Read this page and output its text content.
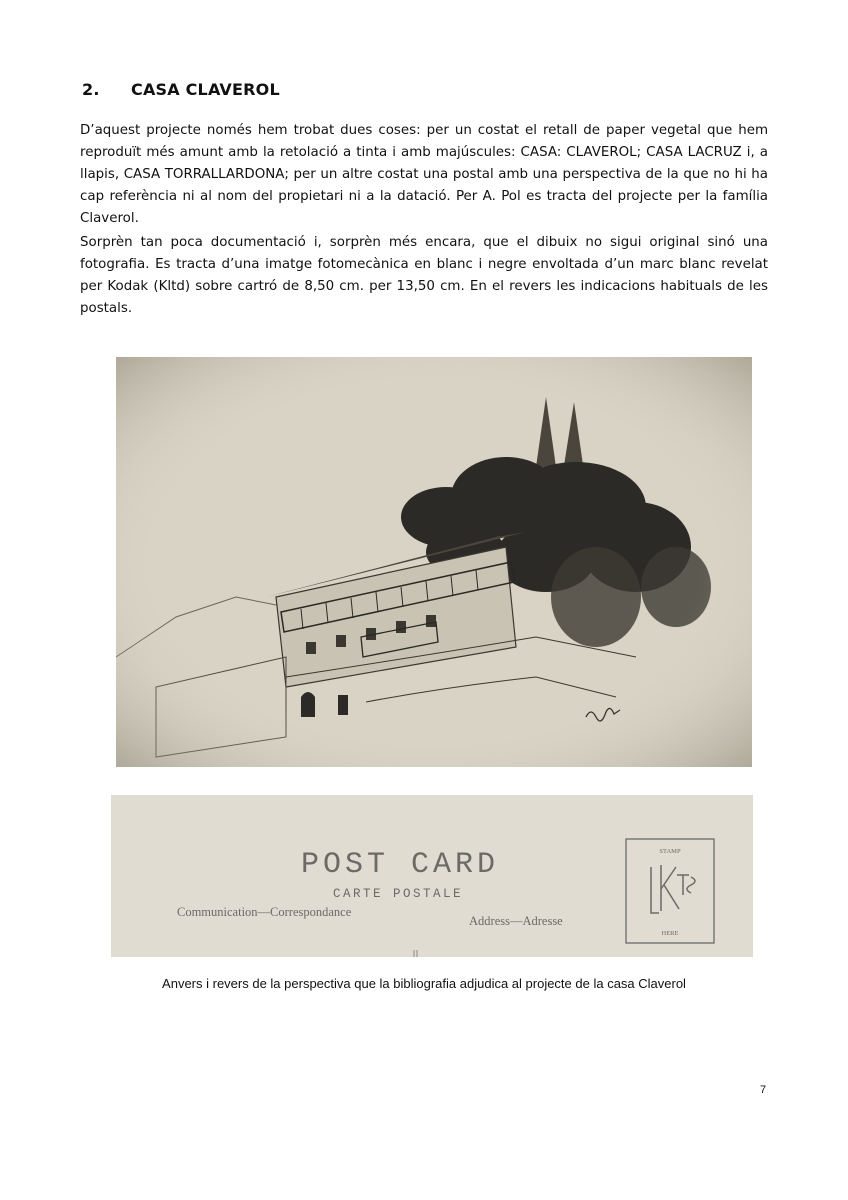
2. CASA CLAVEROL

D’aquest projecte només hem trobat dues coses: per un costat el retall de paper vegetal que hem reproduït més amunt amb la retolació a tinta i amb majúscules: CASA: CLAVEROL; CASA LACRUZ i, a llapis, CASA TORRALLARDONA; per un altre costat una postal amb una perspectiva de la que no hi ha cap referència ni al nom del propietari ni a la datació. Per A. Pol es tracta del projecte per la família Claverol.

Sorprèn tan poca documentació i, sorprèn més encara, que el dibuix no sigui original sinó una fotografia. Es tracta d’una imatge fotomecànica en blanc i negre envoltada d’un marc blanc revelat per Kodak (Kltd) sobre cartró de 8,50 cm. per 13,50 cm. En el revers les indicacions habituals de les postals.

POST CARD
CARTE POSTALE
Communication—Correspondance
Address—Adresse
STAMP
HERE
Anvers i revers de la perspectiva que la bibliografia adjudica al projecte de la casa Claverol
7
